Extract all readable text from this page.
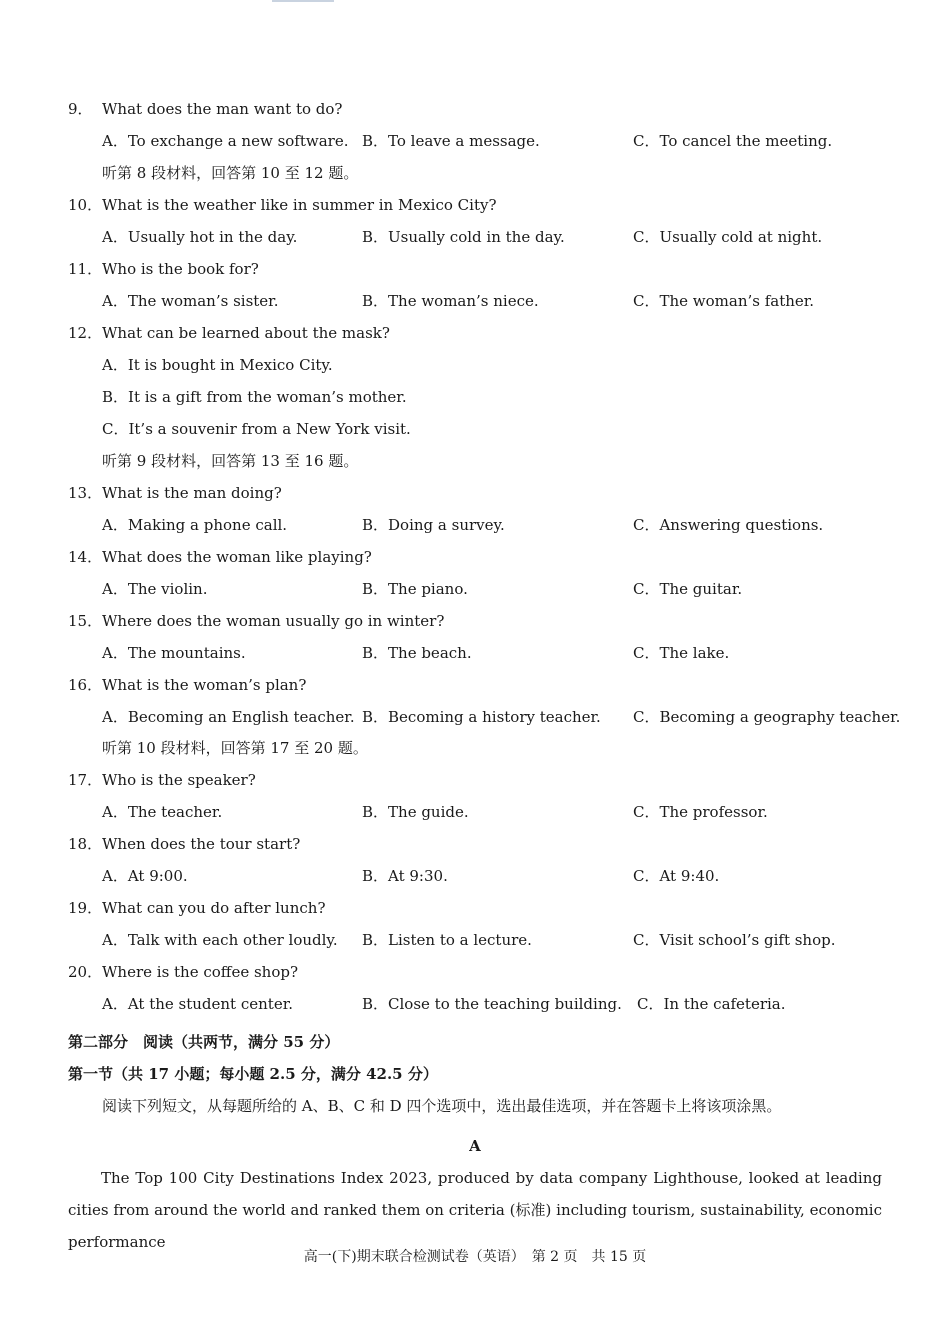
9． What does the man want to do?
A．To exchange a new software. B．To leave a message.	C．To cancel the meeting.
听第 8 段材料，回答第 10 至 12 题。
10． What is the weather like in summer in Mexico City?
A．Usually hot in the day.	B．Usually cold in the day.	C．Usually cold at night.
11． Who is the book for?
A．The woman’s sister.	B．The woman’s niece.	C．The woman’s father.
12． What can be learned about the mask?
A．It is bought in Mexico City.
B．It is a gift from the woman’s mother.
C．It’s a souvenir from a New York visit.
听第 9 段材料，回答第 13 至 16 题。
13． What is the man doing?
A．Making a phone call.	B．Doing a survey.	C．Answering questions.
14． What does the woman like playing?
A．The violin.	B．The piano.	C．The guitar.
15． Where does the woman usually go in winter?
A．The mountains.	B．The beach.	C．The lake.
16． What is the woman’s plan?
A．Becoming an English teacher. B．Becoming a history teacher. C．Becoming a geography teacher.
听第 10 段材料，回答第 17 至 20 题。
17． Who is the speaker?
A．The teacher.	B．The guide.	C．The professor.
18． When does the tour start?
A．At 9:00.	B．At 9:30.	C．At 9:40.
19． What can you do after lunch?
A．Talk with each other loudly. B．Listen to a lecture.	C．Visit school’s gift shop.
20． Where is the coffee shop?
A．At the student center.	B．Close to the teaching building. C．In the cafeteria.
第二部分　阅读（共两节，满分 55 分）
第一节（共 17 小题；每小题 2.5 分，满分 42.5 分）
阅读下列短文，从每题所给的 A、B、C 和 D 四个选项中，选出最佳选项，并在答题卡上将该项涂黑。
A
The Top 100 City Destinations Index 2023, produced by data company Lighthouse, looked at leading cities from around the world and ranked them on criteria (标准) including tourism, sustainability, economic performance
高一(下)期末联合检测试卷（英语）　第 2 页　共 15 页
